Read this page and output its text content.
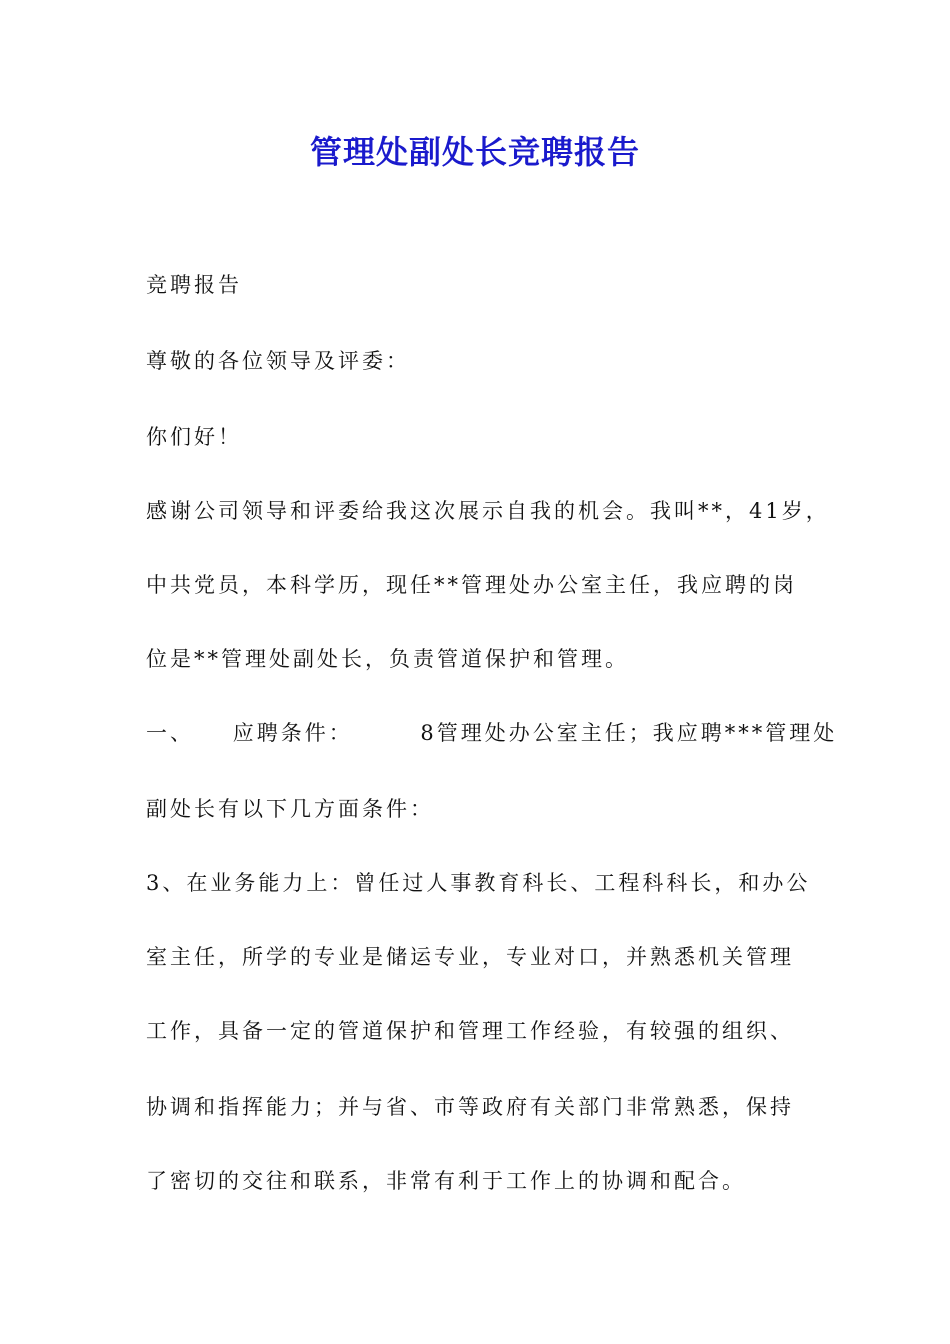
管理处副处长竞聘报告
竞聘报告
尊敬的各位领导及评委：
你们好！
感谢公司领导和评委给我这次展示自我的机会。我叫**，41岁，
中共党员，本科学历，现任**管理处办公室主任，我应聘的岗
位是**管理处副处长，负责管道保护和管理。
一、    应聘条件：       8管理处办公室主任；我应聘***管理处
副处长有以下几方面条件：
3、在业务能力上：曾任过人事教育科长、工程科科长，和办公
室主任，所学的专业是储运专业，专业对口，并熟悉机关管理
工作，具备一定的管道保护和管理工作经验，有较强的组织、
协调和指挥能力；并与省、市等政府有关部门非常熟悉，保持
了密切的交往和联系，非常有利于工作上的协调和配合。
